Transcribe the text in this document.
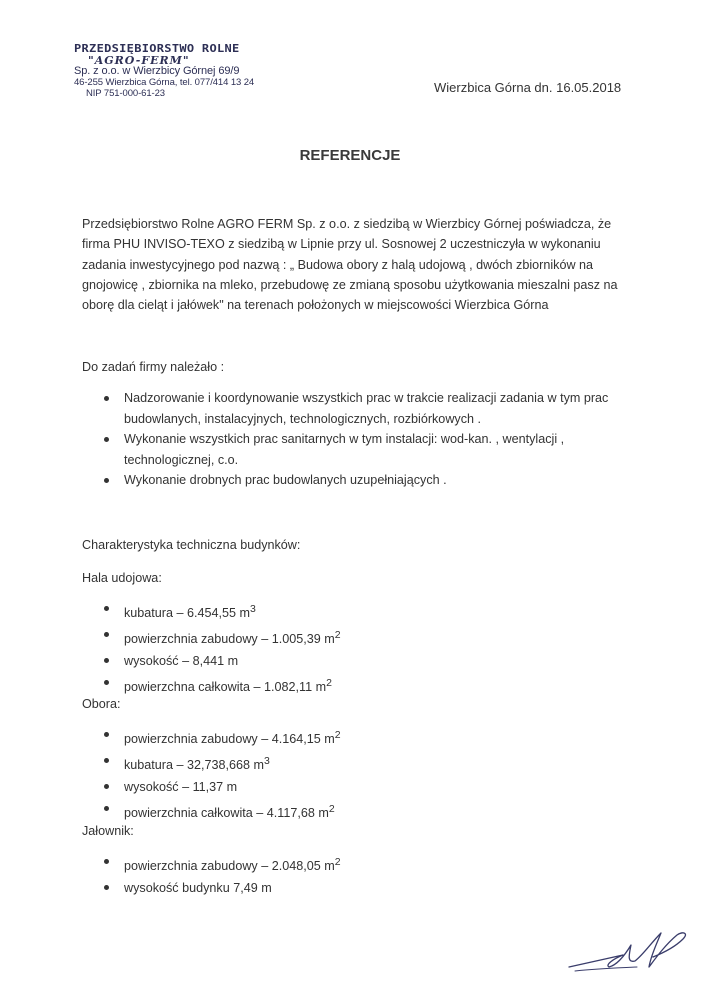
PRZEDSIĘBIORSTWO ROLNE
"AGRO-FERM"
Sp. z o.o. w Wierzbicy Górnej 69/9
46-255 Wierzbica Górna, tel. 077/414 13 24
NIP 751-000-61-23	Wierzbica Górna dn. 16.05.2018
REFERENCJE

Przedsiębiorstwo Rolne AGRO FERM Sp. z o.o. z siedzibą w Wierzbicy Górnej poświadcza, że firma PHU INVISO-TEXO z siedzibą w Lipnie przy ul. Sosnowej 2 uczestniczyła w wykonaniu zadania inwestycyjnego pod nazwą : „ Budowa obory z halą udojową , dwóch zbiorników na gnojowicę , zbiornika na mleko, przebudowę ze zmianą sposobu użytkowania mieszalni pasz na oborę dla cieląt i jałówek" na terenach położonych w miejscowości Wierzbica Górna

Do zadań firmy należało :
Nadzorowanie i koordynowanie wszystkich prac w trakcie realizacji zadania w tym prac budowlanych, instalacyjnych, technologicznych, rozbiórkowych .
Wykonanie wszystkich prac sanitarnych w tym instalacji: wod-kan. , wentylacji , technologicznej, c.o.
Wykonanie drobnych prac budowlanych uzupełniających .
Charakterystyka techniczna budynków:
Hala udojowa:
kubatura – 6.454,55 $m^3$
powierzchnia zabudowy – 1.005,39 $m^2$
wysokość – 8,441 m
powierzchna całkowita – 1.082,11 $m^2$
Obora:
powierzchnia zabudowy – 4.164,15 $m^2$
kubatura – 32,738,668 $m^3$
wysokość – 11,37 m
powierzchnia całkowita – 4.117,68 $m^2$
Jałownik:
powierzchnia zabudowy – 2.048,05 $m^2$
wysokość budynku 7,49 m
